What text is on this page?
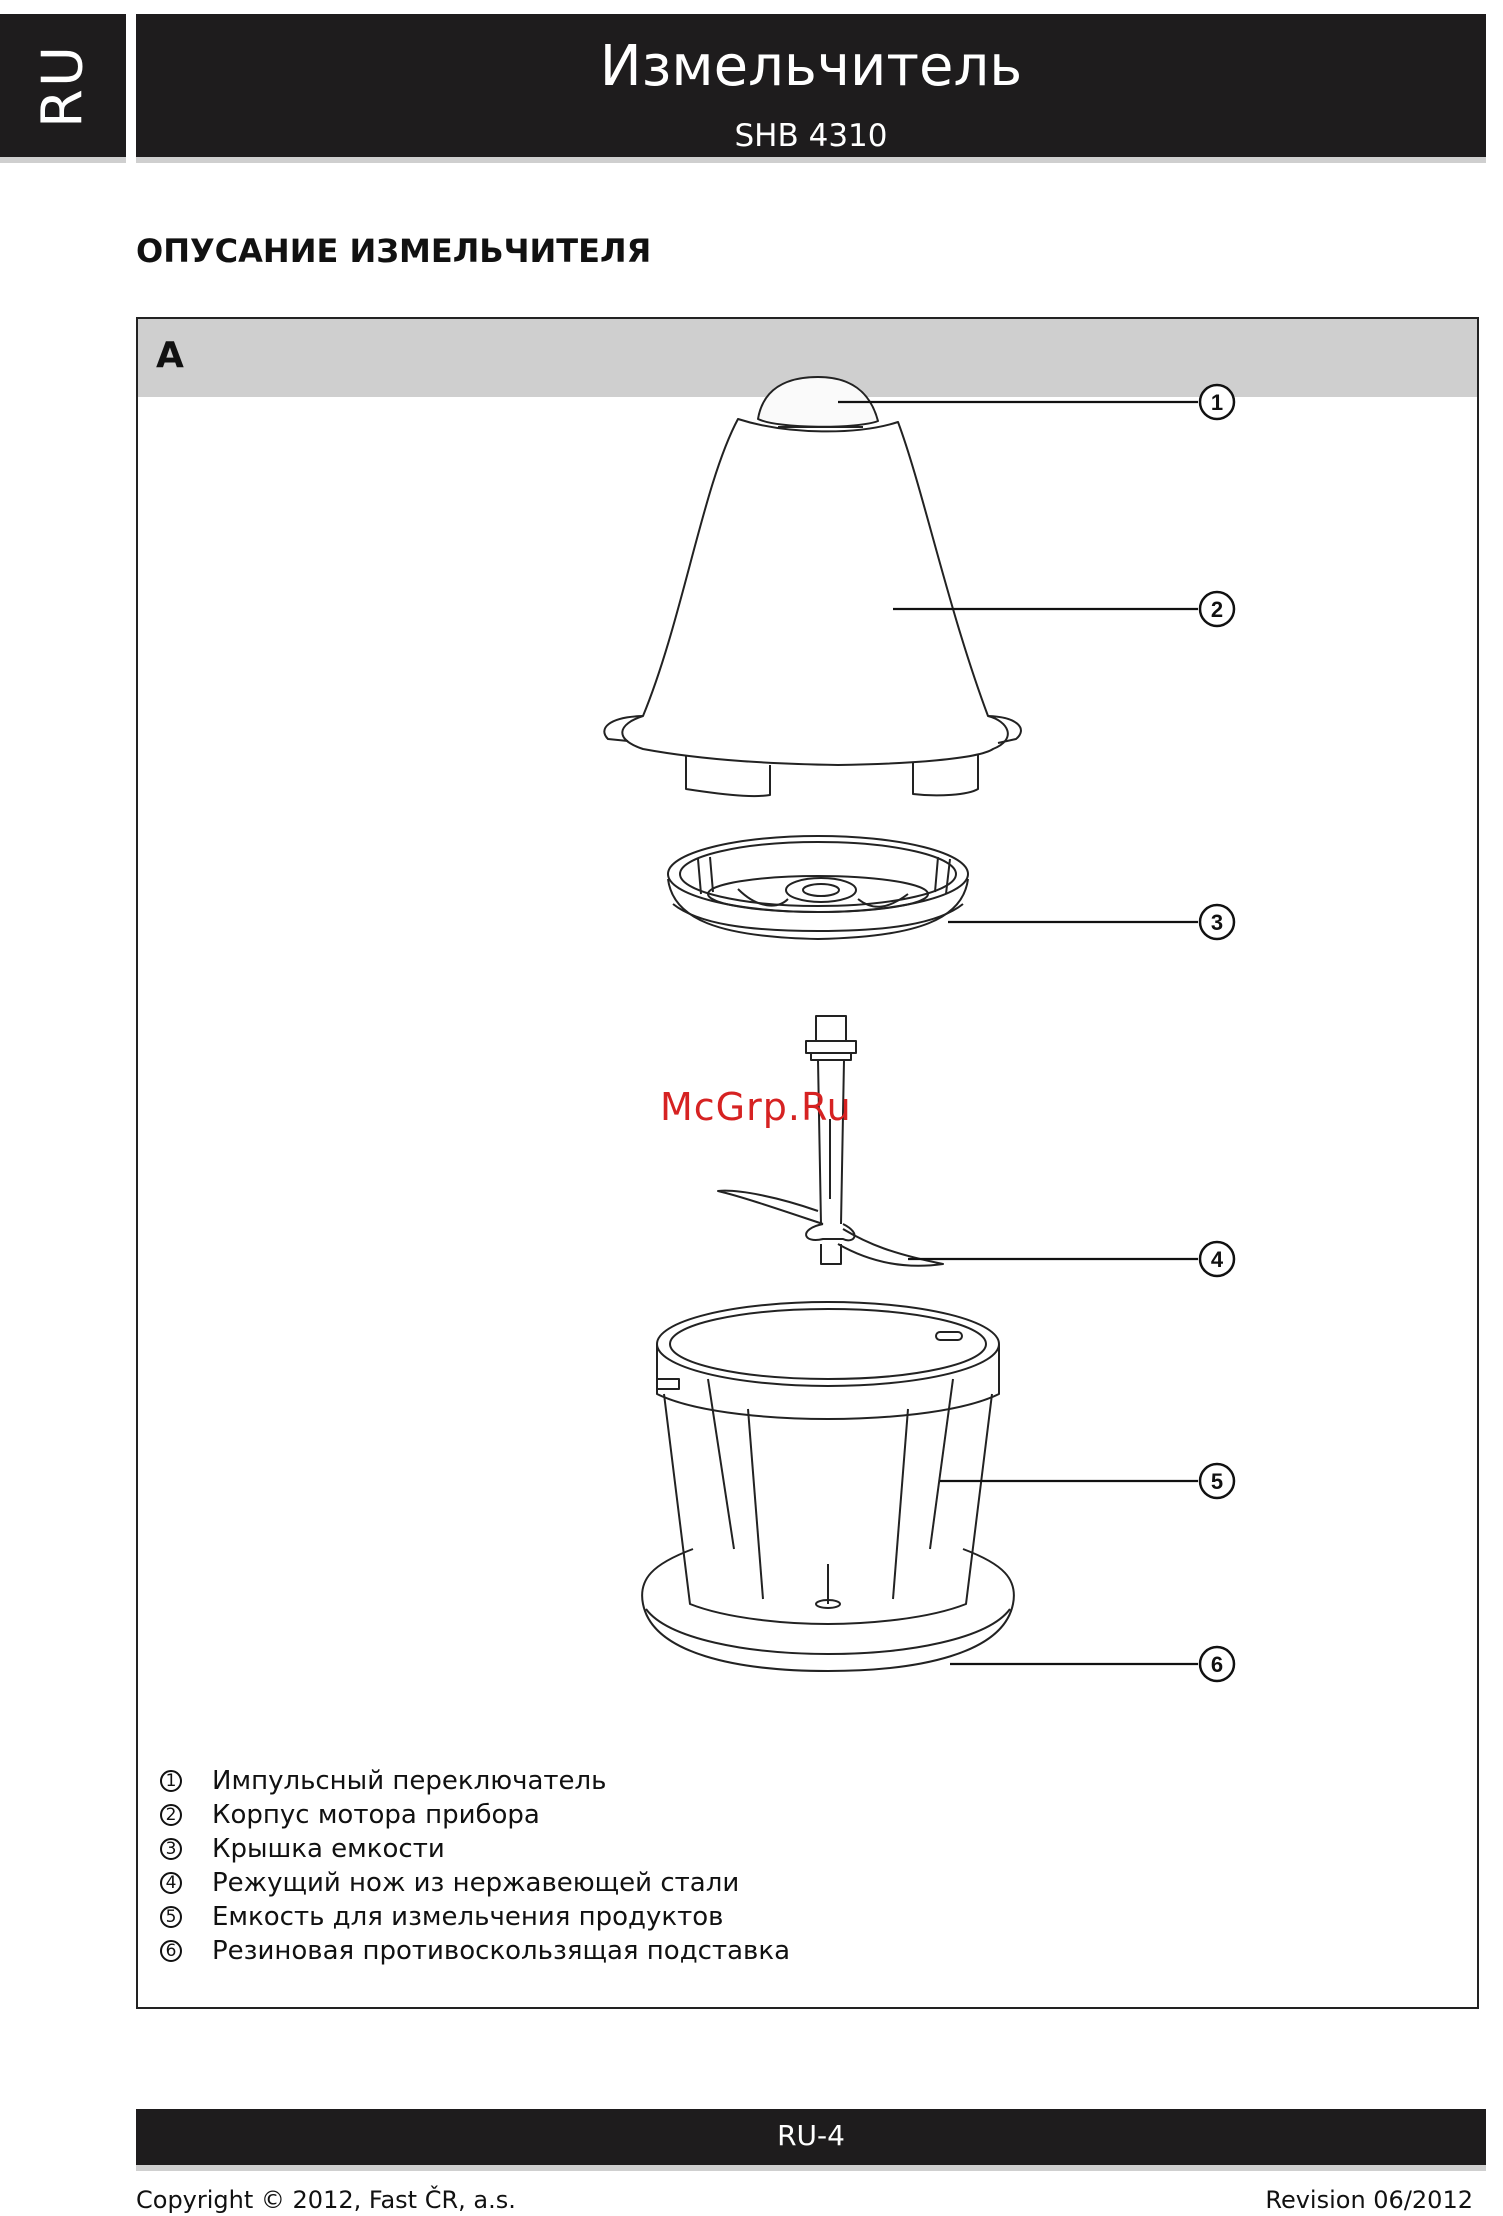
RU	Измельчитель
SHB 4310
ОПУСАНИЕ ИЗМЕЛЬЧИТЕЛЯ
A
1
2
3
4
5
6
1 Импульсный переключатель
2 Корпус мотора прибора
3 Крышка емкости
4 Режущий нож из нержавеющей стали
5 Емкость для измельчения продуктов
6 Резиновая противоскользящая подставка
McGrp.Ru
RU-4
Copyright © 2012, Fast ČR, a.s.	Revision 06/2012
